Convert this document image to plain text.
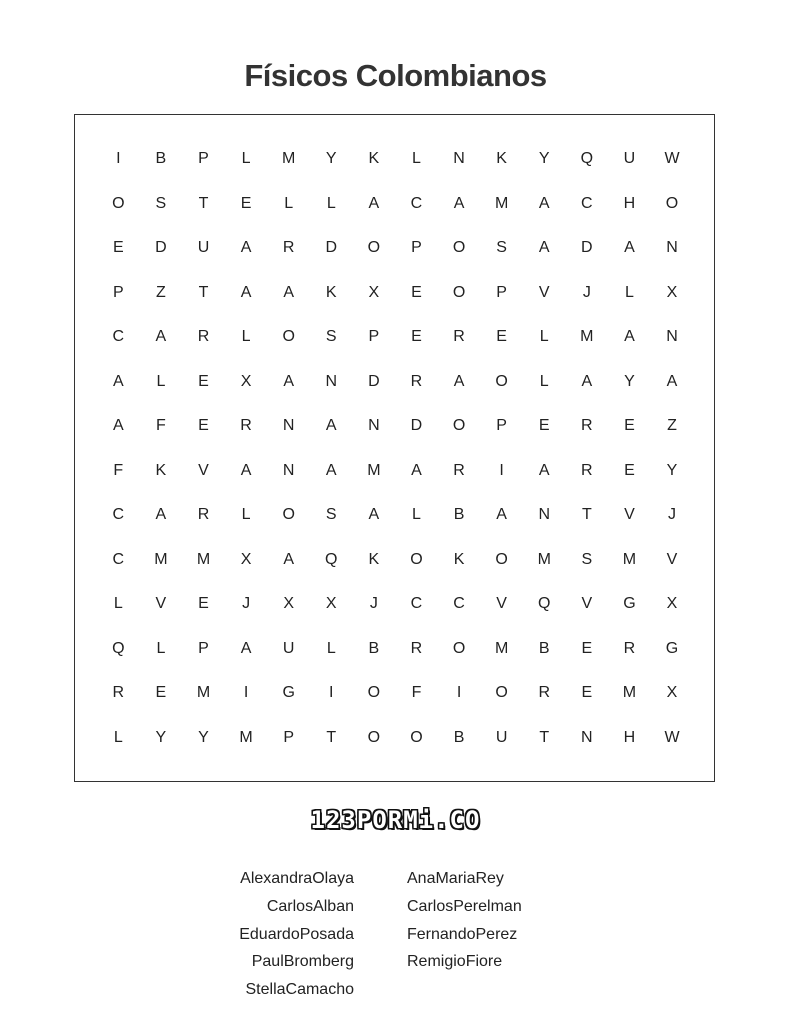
Físicos Colombianos
I	B	P	L	M	Y	K	L	N	K	Y	Q	U	W
O	S	T	E	L	L	A	C	A	M	A	C	H	O
E	D	U	A	R	D	O	P	O	S	A	D	A	N
P	Z	T	A	A	K	X	E	O	P	V	J	L	X
C	A	R	L	O	S	P	E	R	E	L	M	A	N
A	L	E	X	A	N	D	R	A	O	L	A	Y	A
A	F	E	R	N	A	N	D	O	P	E	R	E	Z
F	K	V	A	N	A	M	A	R	I	A	R	E	Y
C	A	R	L	O	S	A	L	B	A	N	T	V	J
C	M	M	X	A	Q	K	O	K	O	M	S	M	V
L	V	E	J	X	X	J	C	C	V	Q	V	G	X
Q	L	P	A	U	L	B	R	O	M	B	E	R	G
R	E	M	I	G	I	O	F	I	O	R	E	M	X
L	Y	Y	M	P	T	O	O	B	U	T	N	H	W
123PORMi.CO
AlexandraOlaya
CarlosAlban
EduardoPosada
PaulBromberg
StellaCamacho
AnaMariaRey
CarlosPerelman
FernandoPerez
RemigioFiore
